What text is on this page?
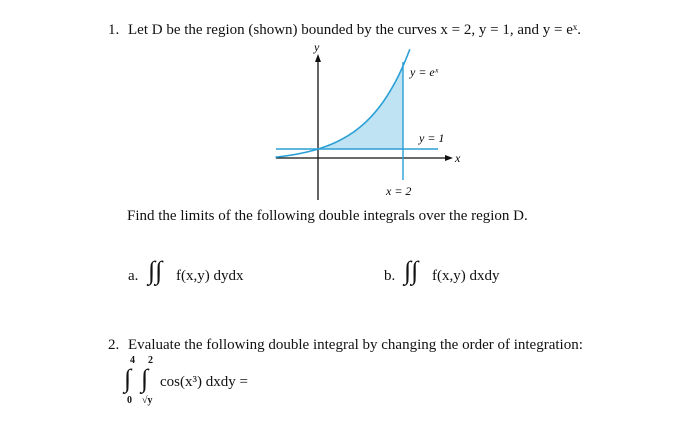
1. Let D be the region (shown) bounded by the curves x = 2, y = 1, and y = eˣ.
y
x
y = eˣ
y = 1
x = 2
Find the limits of the following double integrals over the region D.
a. ∫∫ f(x,y) dydx	b. ∫∫ f(x,y) dxdy
2. Evaluate the following double integral by changing the order of integration:
4 2
∫ ∫
0 √y
cos(x³) dxdy =
